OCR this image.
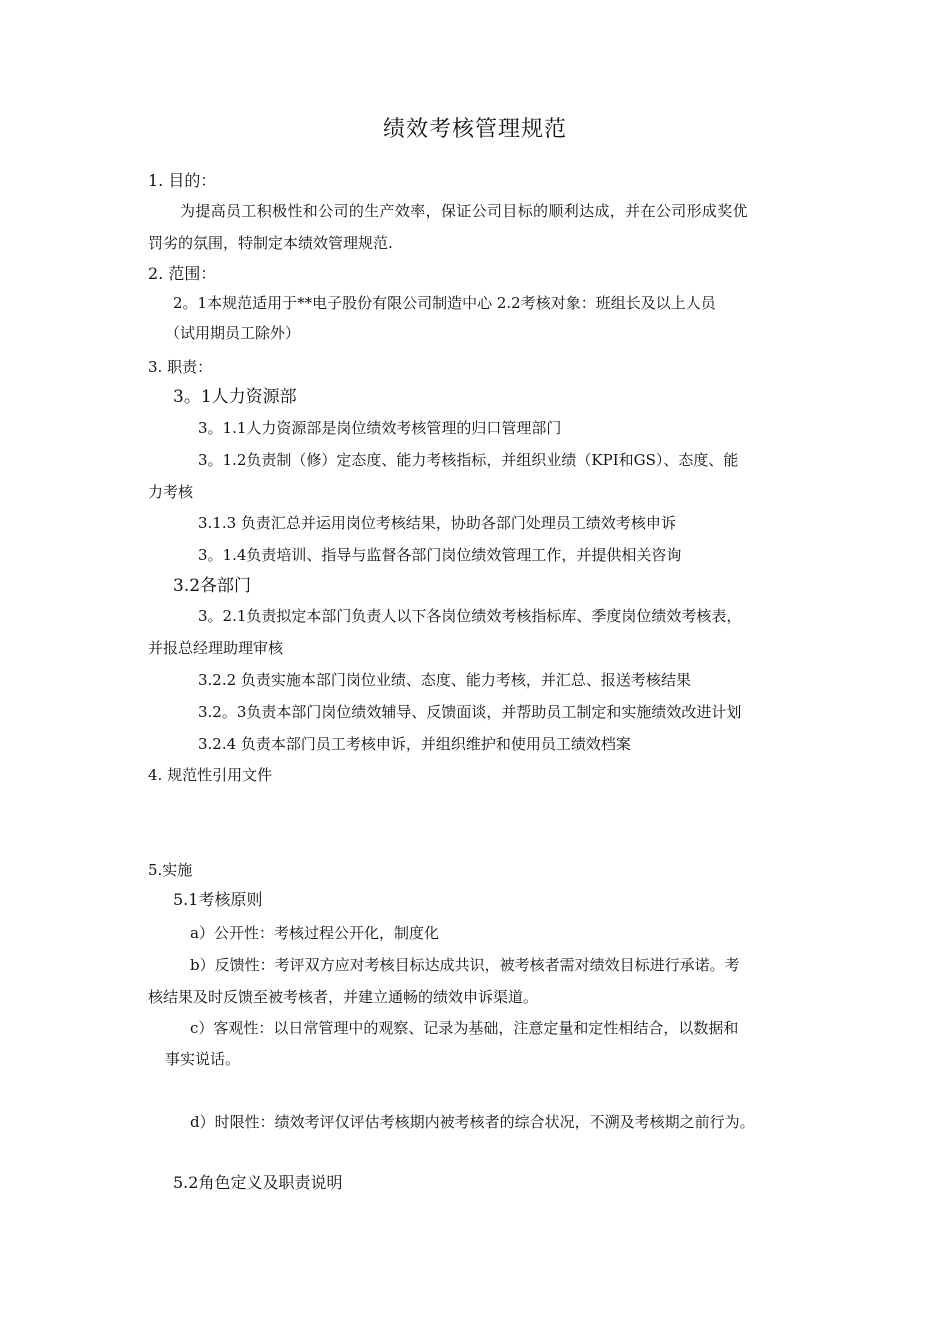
绩效考核管理规范
1. 目的：
为提高员工积极性和公司的生产效率，保证公司目标的顺利达成，并在公司形成奖优
罚劣的氛围，特制定本绩效管理规范.
2. 范围：
2。1本规范适用于**电子股份有限公司制造中心 2.2考核对象：班组长及以上人员
（试用期员工除外）
3. 职责：
3。1人力资源部
3。1.1人力资源部是岗位绩效考核管理的归口管理部门
3。1.2负责制（修）定态度、能力考核指标，并组织业绩（KPI和GS）、态度、能
力考核
3.1.3 负责汇总并运用岗位考核结果，协助各部门处理员工绩效考核申诉
3。1.4负责培训、指导与监督各部门岗位绩效管理工作，并提供相关咨询
3.2各部门
3。2.1负责拟定本部门负责人以下各岗位绩效考核指标库、季度岗位绩效考核表，
并报总经理助理审核
3.2.2 负责实施本部门岗位业绩、态度、能力考核，并汇总、报送考核结果
3.2。3负责本部门岗位绩效辅导、反馈面谈，并帮助员工制定和实施绩效改进计划
3.2.4 负责本部门员工考核申诉，并组织维护和使用员工绩效档案
4. 规范性引用文件
5.实施
5.1考核原则
a）公开性：考核过程公开化，制度化
b）反馈性：考评双方应对考核目标达成共识，被考核者需对绩效目标进行承诺。考
核结果及时反馈至被考核者，并建立通畅的绩效申诉渠道。
c）客观性：以日常管理中的观察、记录为基础，注意定量和定性相结合，以数据和
事实说话。
d）时限性：绩效考评仅评估考核期内被考核者的综合状况，不溯及考核期之前行为。
5.2角色定义及职责说明
